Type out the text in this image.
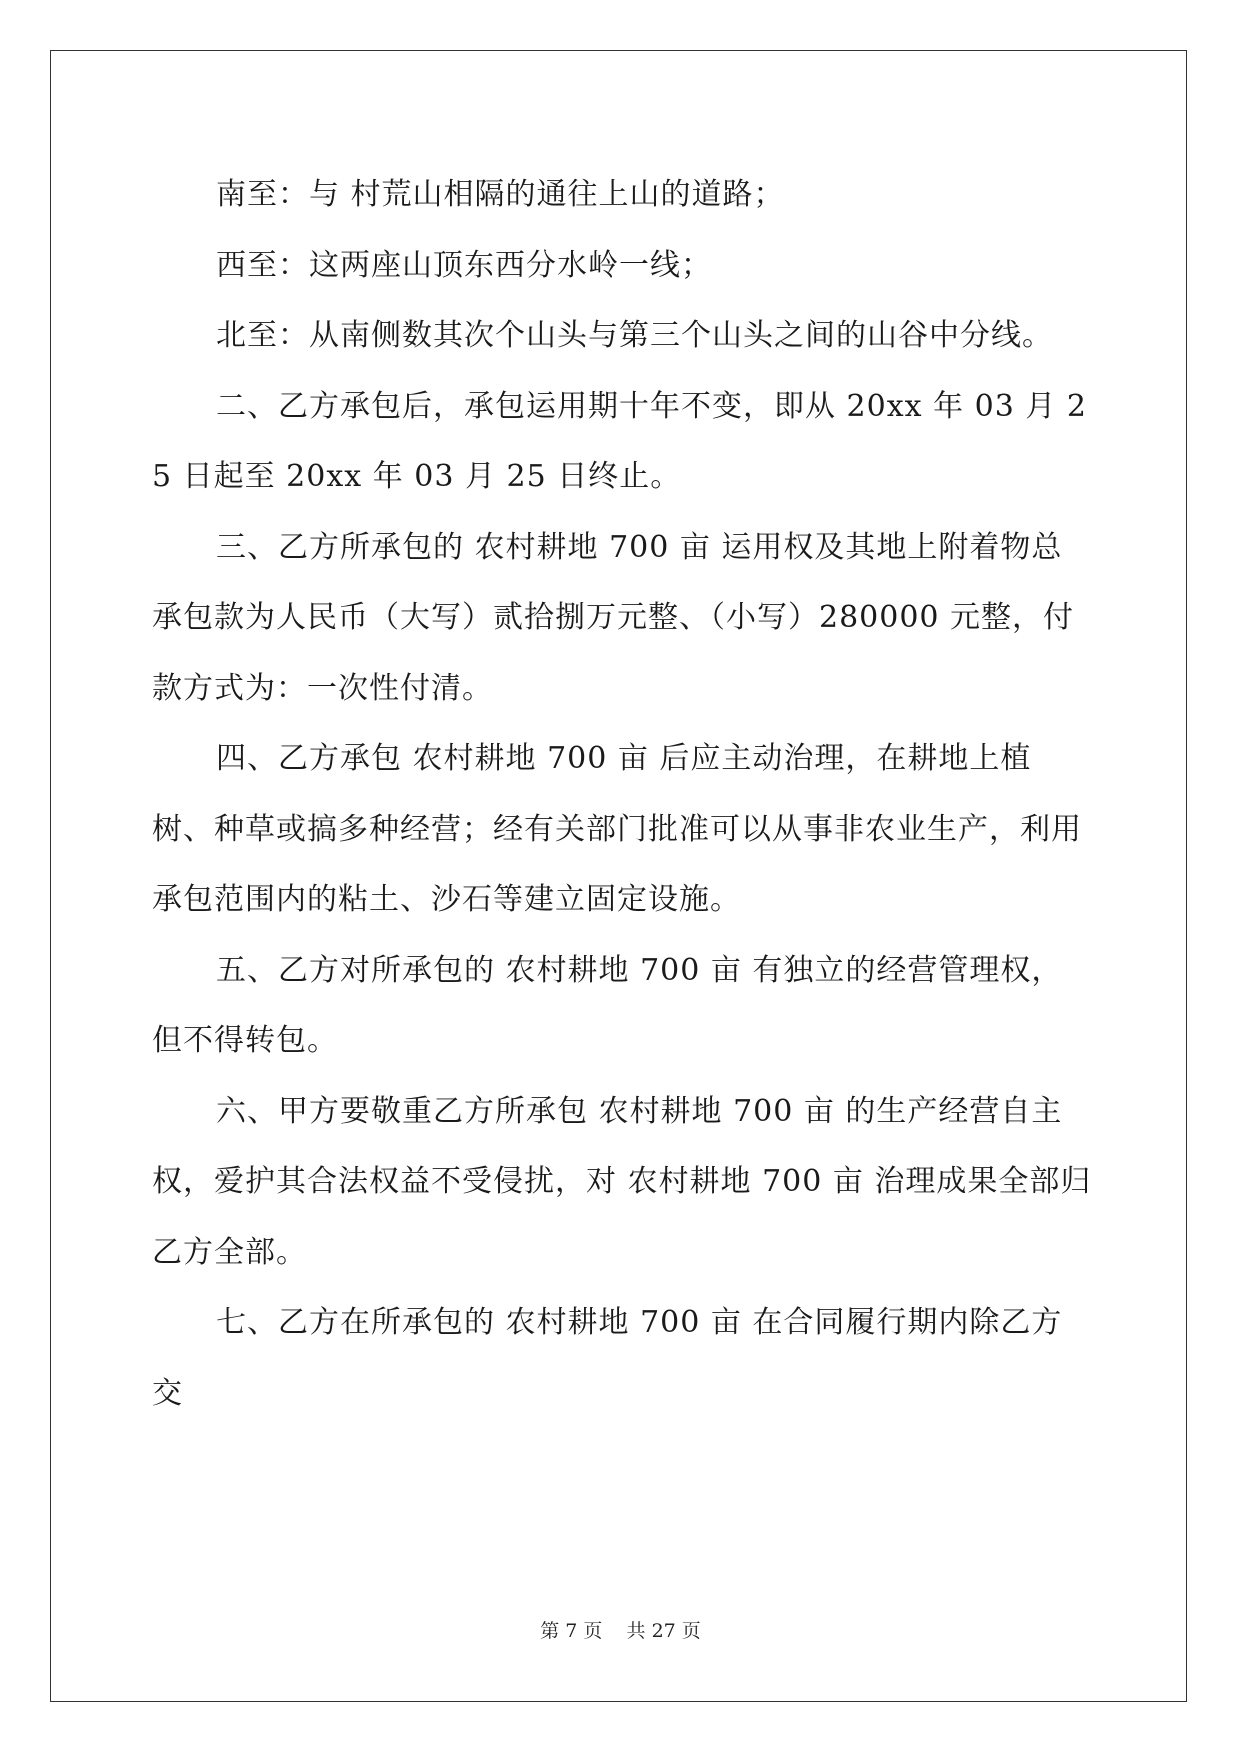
南至：与 村荒山相隔的通往上山的道路；

西至：这两座山顶东西分水岭一线；

北至：从南侧数其次个山头与第三个山头之间的山谷中分线。

二、乙方承包后，承包运用期十年不变，即从 20xx 年 03 月 25 日起至 20xx 年 03 月 25 日终止。

三、乙方所承包的 农村耕地 700 亩 运用权及其地上附着物总承包款为人民币（大写）贰拾捌万元整、（小写）280000 元整，付款方式为：一次性付清。

四、乙方承包 农村耕地 700 亩 后应主动治理，在耕地上植树、种草或搞多种经营；经有关部门批准可以从事非农业生产，利用承包范围内的粘土、沙石等建立固定设施。

五、乙方对所承包的 农村耕地 700 亩 有独立的经营管理权，但不得转包。

六、甲方要敬重乙方所承包 农村耕地 700 亩 的生产经营自主权，爱护其合法权益不受侵扰，对 农村耕地 700 亩 治理成果全部归乙方全部。

七、乙方在所承包的 农村耕地 700 亩 在合同履行期内除乙方交

第 7 页    共 27 页
